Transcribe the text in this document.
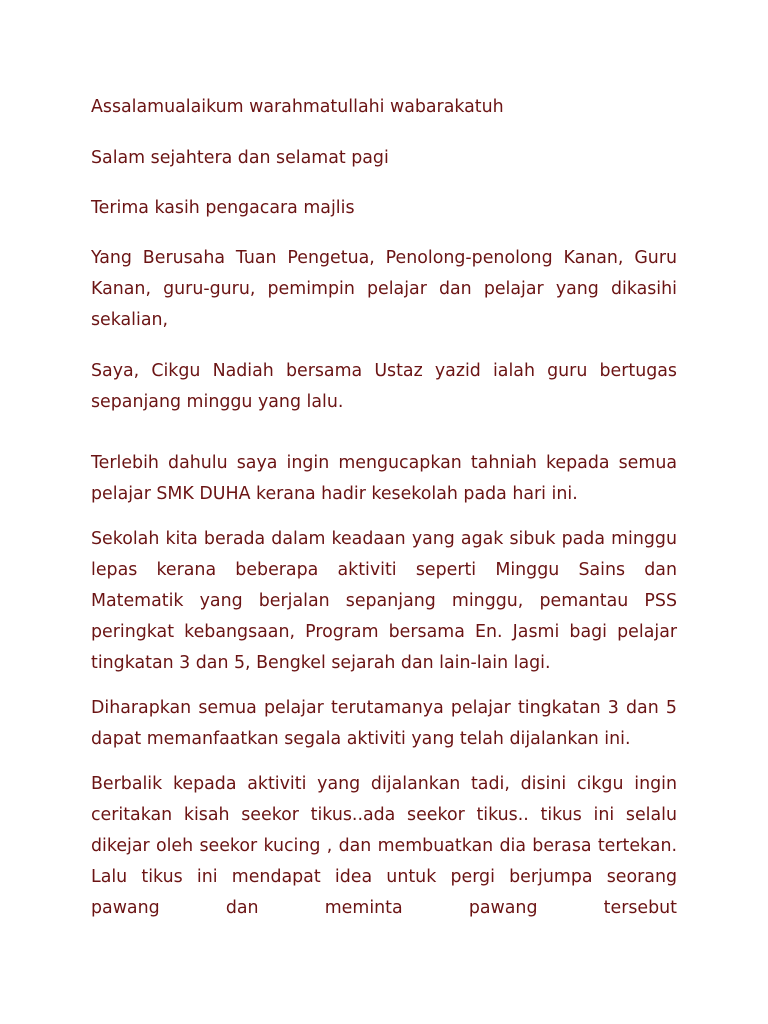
Assalamualaikum warahmatullahi wabarakatuh

Salam sejahtera dan selamat pagi

Terima kasih pengacara majlis

Yang Berusaha Tuan Pengetua, Penolong-penolong Kanan, Guru Kanan, guru-guru, pemimpin pelajar dan pelajar yang dikasihi sekalian,

Saya, Cikgu Nadiah bersama Ustaz yazid ialah guru bertugas sepanjang minggu yang lalu.

Terlebih dahulu saya ingin mengucapkan tahniah kepada semua pelajar SMK DUHA kerana hadir kesekolah pada hari ini.

Sekolah kita berada dalam keadaan yang agak sibuk pada minggu lepas kerana beberapa aktiviti seperti Minggu Sains dan Matematik yang berjalan sepanjang minggu, pemantau PSS peringkat kebangsaan, Program bersama En. Jasmi bagi pelajar tingkatan 3 dan 5, Bengkel sejarah dan lain-lain lagi.

Diharapkan semua pelajar terutamanya pelajar tingkatan 3 dan 5 dapat memanfaatkan segala aktiviti yang telah dijalankan ini.

Berbalik kepada aktiviti yang dijalankan tadi, disini cikgu ingin ceritakan kisah seekor tikus..ada seekor tikus.. tikus ini selalu dikejar oleh seekor kucing , dan membuatkan dia berasa tertekan. Lalu tikus ini mendapat idea untuk pergi berjumpa seorang pawang dan meminta pawang tersebut
